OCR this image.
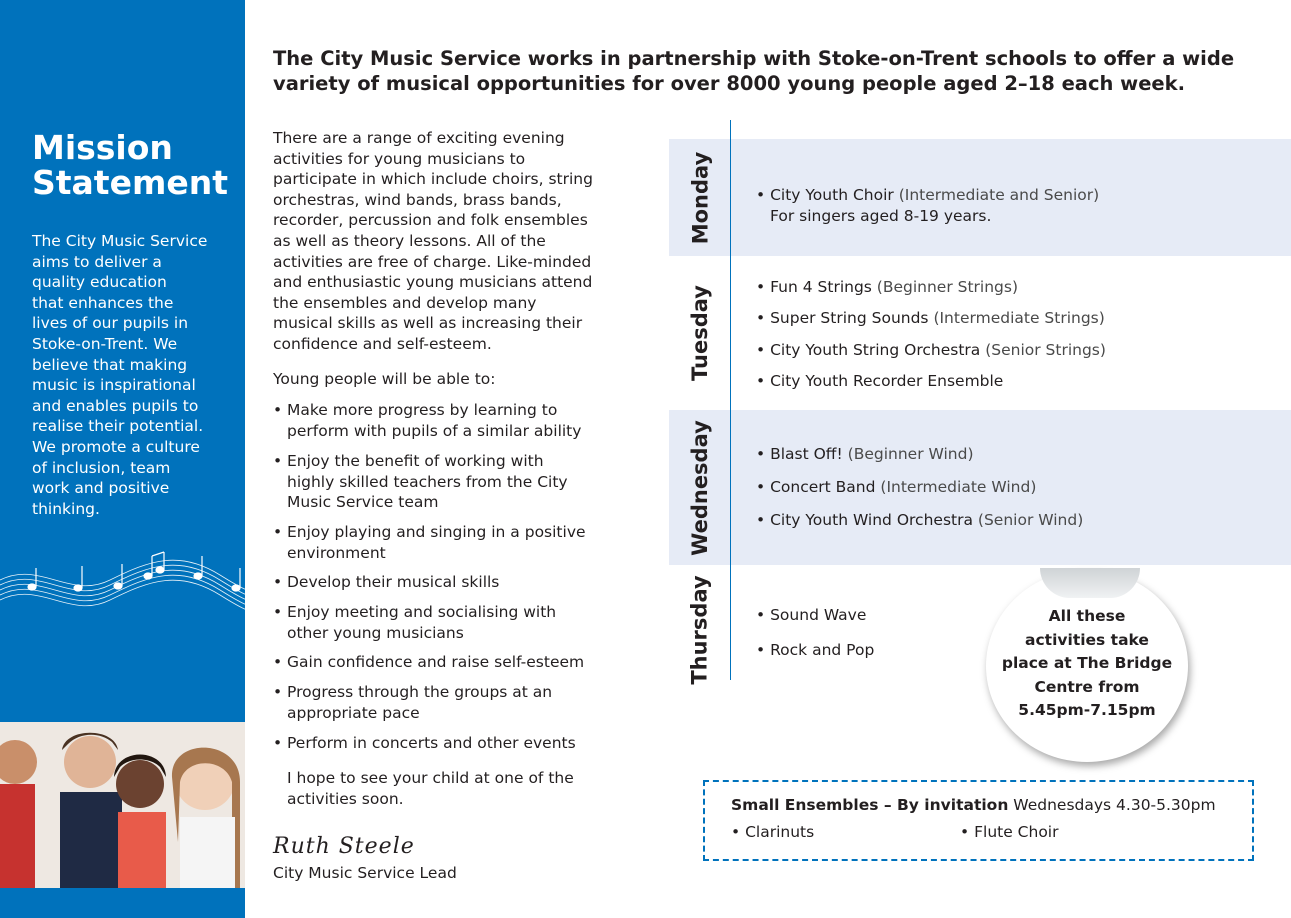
Mission
Statement
The City Music Service
aims to deliver a
quality education
that enhances the
lives of our pupils in
Stoke-on-Trent. We
believe that making
music is inspirational
and enables pupils to
realise their potential.
We promote a culture
of inclusion, team
work and positive
thinking.
The City Music Service works in partnership with Stoke-on-Trent schools to offer a wide
variety of musical opportunities for over 8000 young people aged 2–18 each week.
There are a range of exciting evening
activities for young musicians to
participate in which include choirs, string
orchestras, wind bands, brass bands,
recorder, percussion and folk ensembles
as well as theory lessons. All of the
activities are free of charge. Like-minded
and enthusiastic young musicians attend
the ensembles and develop many
musical skills as well as increasing their
confidence and self-esteem.
Young people will be able to:
• Make more progress by learning to
perform with pupils of a similar ability
• Enjoy the benefit of working with
highly skilled teachers from the City
Music Service team
• Enjoy playing and singing in a positive
environment
• Develop their musical skills
• Enjoy meeting and socialising with
other young musicians
• Gain confidence and raise self-esteem
• Progress through the groups at an
appropriate pace
• Perform in concerts and other events
I hope to see your child at one of the
activities soon.
Ruth Steele
City Music Service Lead
Monday
Tuesday
Wednesday
Thursday
• City Youth Choir (Intermediate and Senior)
For singers aged 8-19 years.
• Fun 4 Strings (Beginner Strings)
• Super String Sounds (Intermediate Strings)
• City Youth String Orchestra (Senior Strings)
• City Youth Recorder Ensemble
• Blast Off! (Beginner Wind)
• Concert Band (Intermediate Wind)
• City Youth Wind Orchestra (Senior Wind)
• Sound Wave
• Rock and Pop
All these
activities take
place at The Bridge
Centre from
5.45pm-7.15pm
Small Ensembles – By invitation Wednesdays 4.30-5.30pm
• Clarinuts	• Flute Choir
